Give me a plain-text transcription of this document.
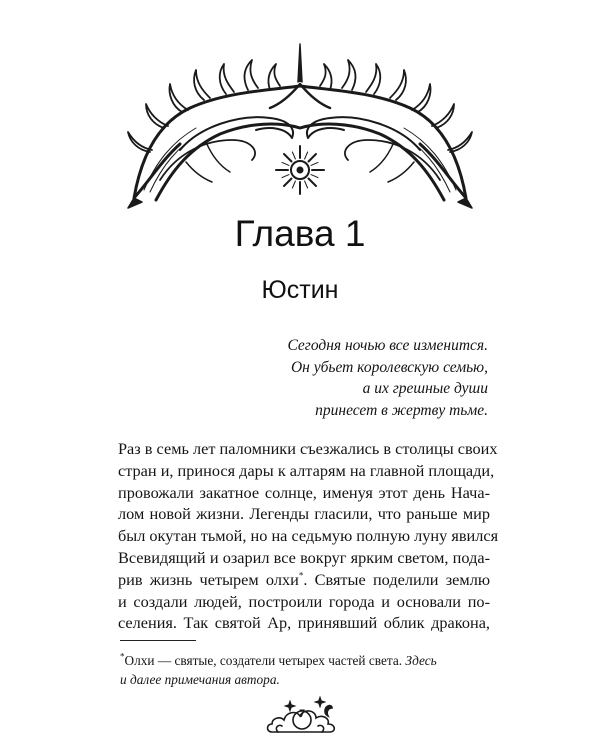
Глава 1
Юстин
Сегодня ночью все изменится.
Он убьет королевскую семью,
а их грешные души
принесет в жертву тьме.
Раз в семь лет паломники съезжались в столицы своих
стран и, принося дары к алтарям на главной площади,
провожали закатное солнце, именуя этот день Нача-
лом новой жизни. Легенды гласили, что раньше мир
был окутан тьмой, но на седьмую полную луну явился
Всевидящий и озарил все вокруг ярким светом, пода-
рив жизнь четырем олхи*. Святые поделили землю
и создали людей, построили города и основали по-
селения. Так святой Ар, принявший облик дракона,
*Олхи — святые, создатели четырех частей света. Здесь
и далее примечания автора.
7
